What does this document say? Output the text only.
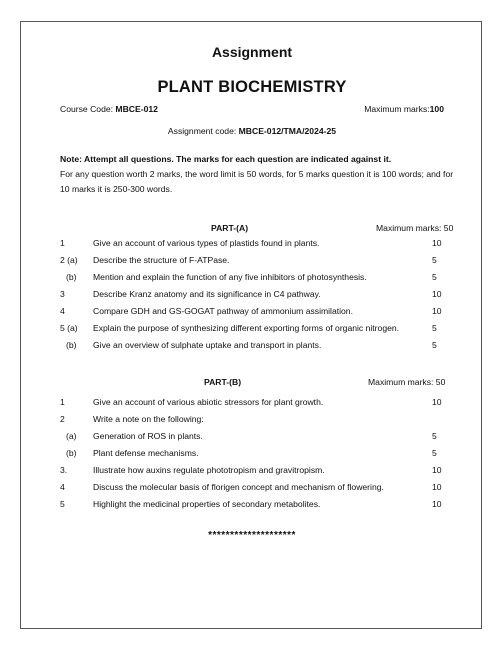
Assignment
PLANT BIOCHEMISTRY
Course Code: MBCE-012	Maximum marks:100
Assignment code: MBCE-012/TMA/2024-25
Note: Attempt all questions. The marks for each question are indicated against it.
For any question worth 2 marks, the word limit is 50 words, for 5 marks question it is 100 words; and for
10 marks it is 250-300 words.
PART-(A)	Maximum marks: 50
1	Give an account of various types of plastids found in plants.	10
2 (a) Describe the structure of F-ATPase.	5
(b) Mention and explain the function of any five inhibitors of photosynthesis.	5
3	Describe Kranz anatomy and its significance in C4 pathway.	10
4	Compare GDH and GS-GOGAT pathway of ammonium assimilation.	10
5 (a) Explain the purpose of synthesizing different exporting forms of organic nitrogen.	5
(b) Give an overview of sulphate uptake and transport in plants.	5
PART-(B)	Maximum marks: 50
1	Give an account of various abiotic stressors for plant growth.	10
2	Write a note on the following:
(a) Generation of ROS in plants.	5
(b) Plant defense mechanisms.	5
3.	Illustrate how auxins regulate phototropism and gravitropism.	10
4	Discuss the molecular basis of florigen concept and mechanism of flowering.	10
5	Highlight the medicinal properties of secondary metabolites.	10
********************
